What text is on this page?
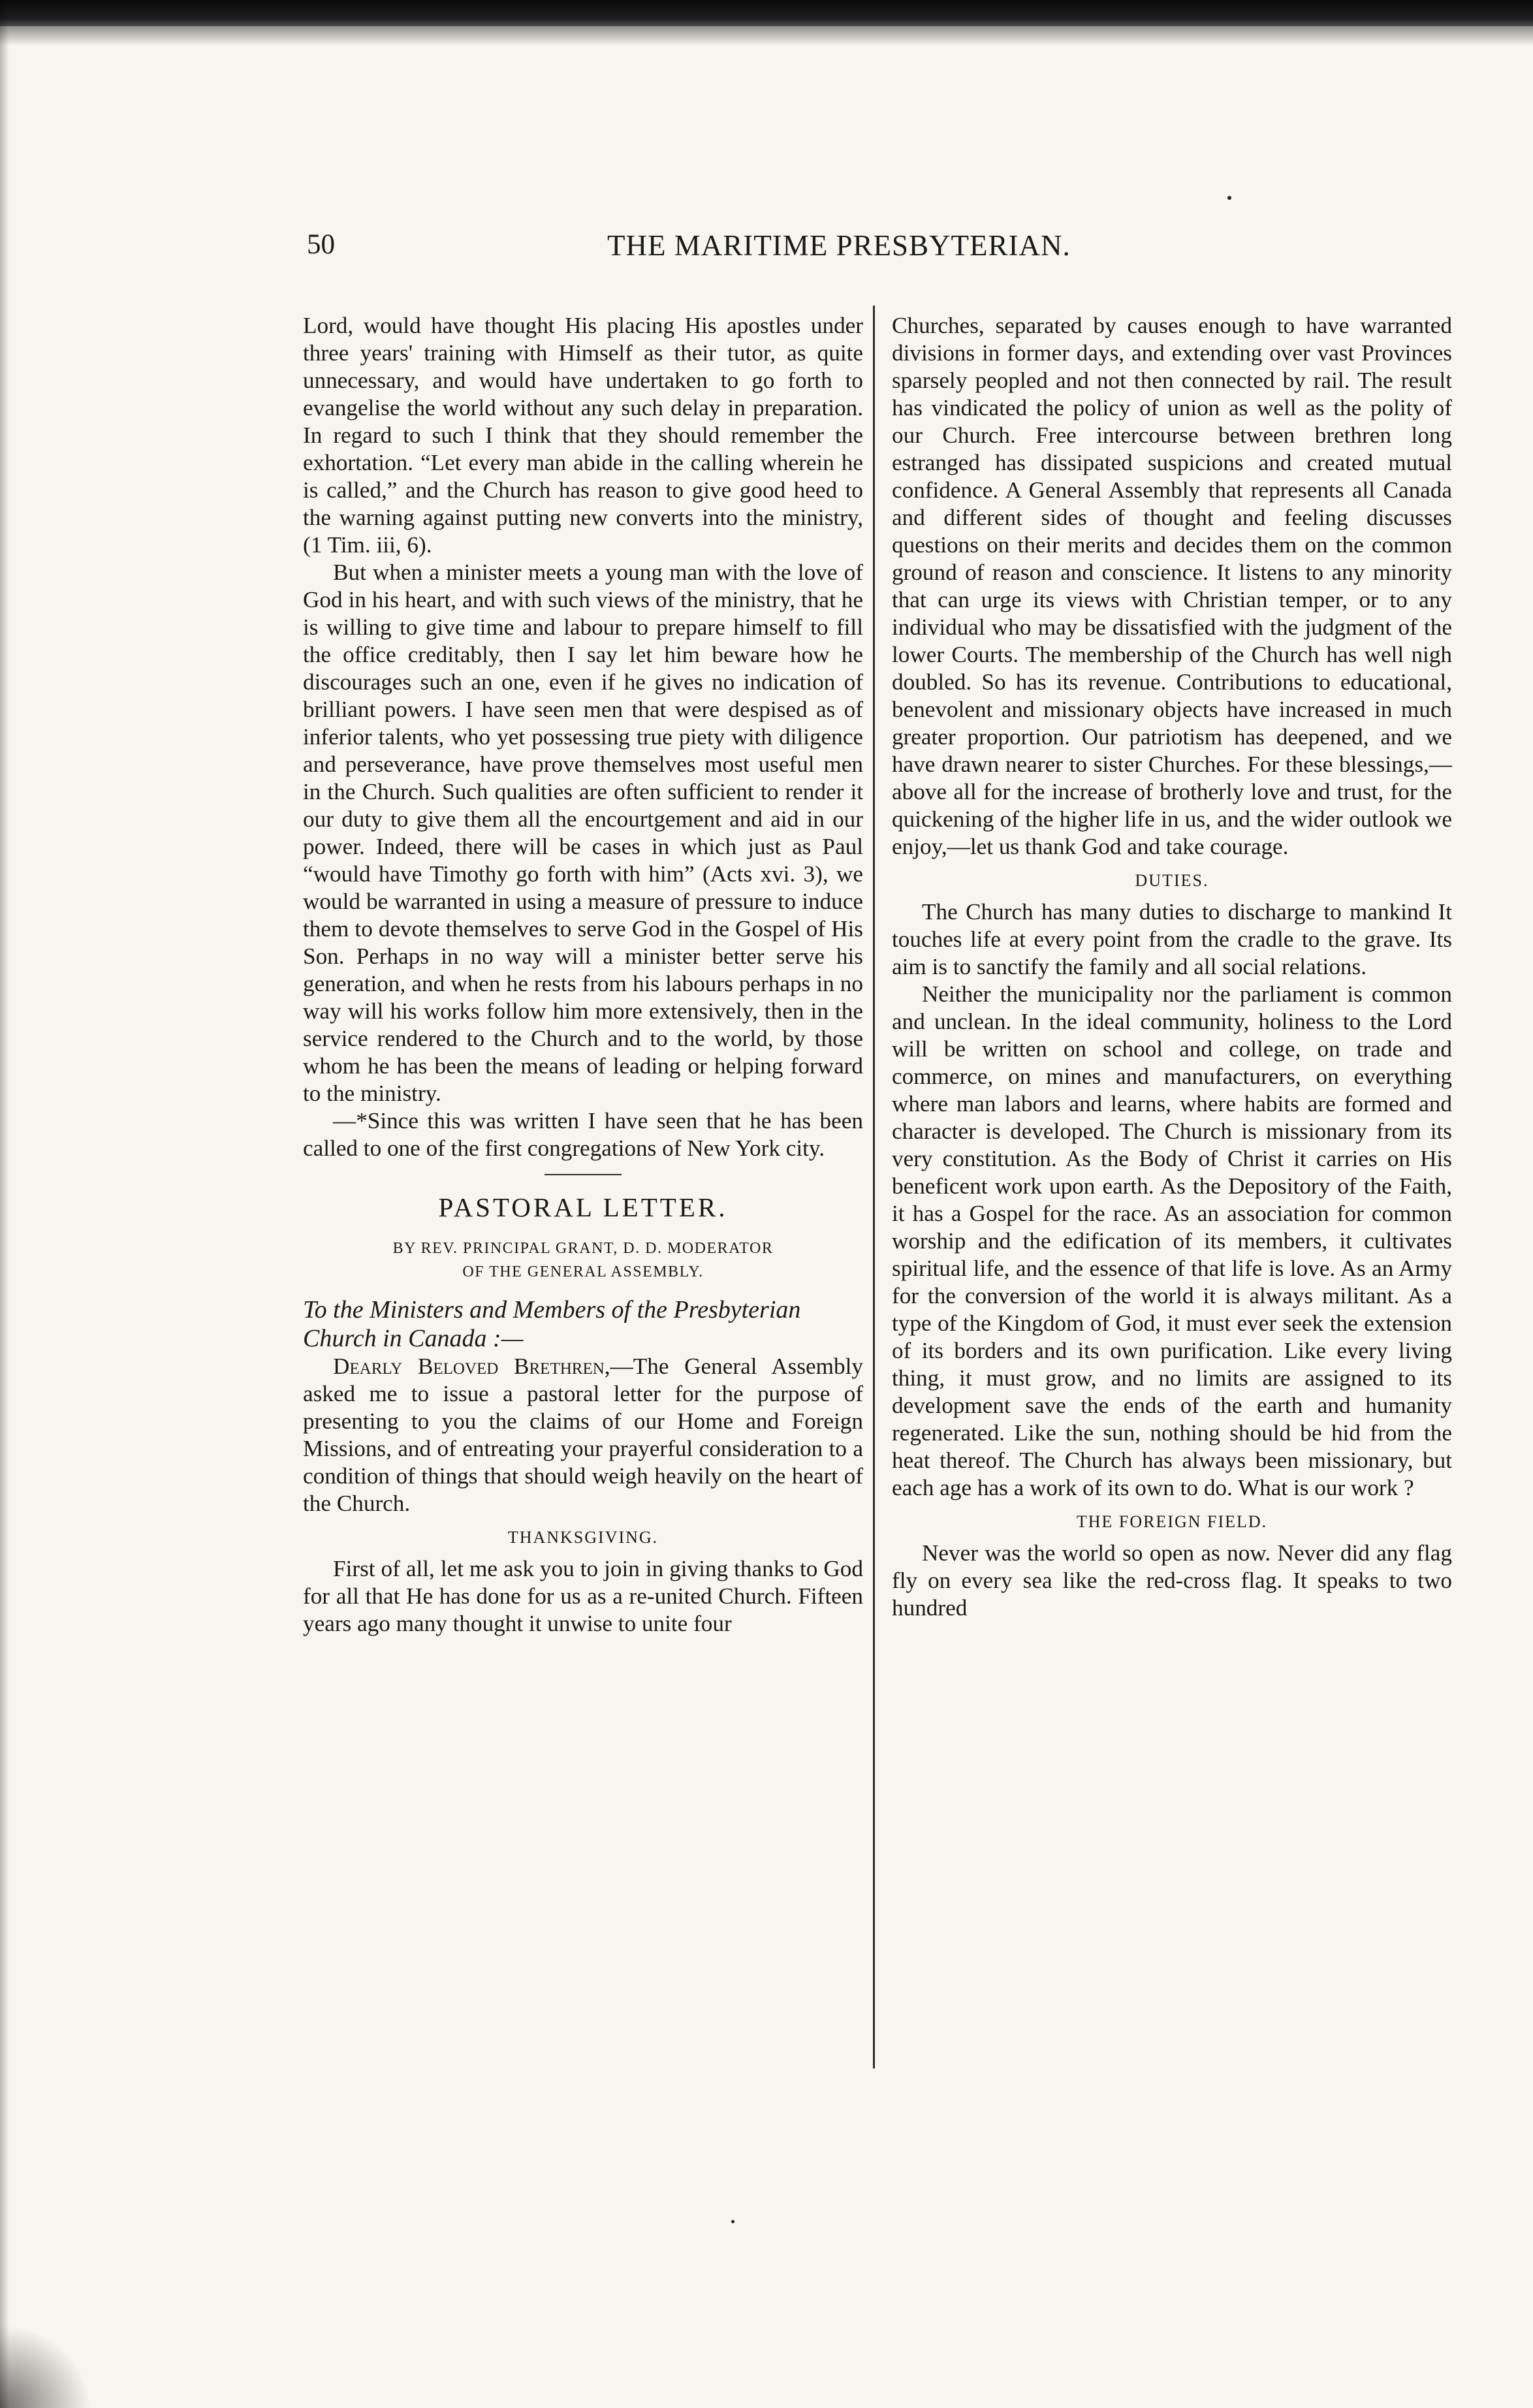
50	THE MARITIME PRESBYTERIAN.

Lord, would have thought His placing His apostles under three years' training with Himself as their tutor, as quite unnecessary, and would have undertaken to go forth to evangelise the world without any such delay in preparation. In regard to such I think that they should remember the exhortation. “Let every man abide in the calling wherein he is called,” and the Church has reason to give good heed to the warning against putting new converts into the ministry, (1 Tim. iii, 6).

But when a minister meets a young man with the love of God in his heart, and with such views of the ministry, that he is willing to give time and labour to prepare himself to fill the office creditably, then I say let him beware how he discourages such an one, even if he gives no indication of brilliant powers. I have seen men that were despised as of inferior talents, who yet possessing true piety with diligence and perseverance, have prove themselves most useful men in the Church. Such qualities are often sufficient to render it our duty to give them all the encourtgement and aid in our power. Indeed, there will be cases in which just as Paul “would have Timothy go forth with him” (Acts xvi. 3), we would be warranted in using a measure of pressure to induce them to devote themselves to serve God in the Gospel of His Son. Perhaps in no way will a minister better serve his generation, and when he rests from his labours perhaps in no way will his works follow him more extensively, then in the service rendered to the Church and to the world, by those whom he has been the means of leading or helping forward to the ministry.

—*Since this was written I have seen that he has been called to one of the first congregations of New York city.

PASTORAL LETTER.

BY REV. PRINCIPAL GRANT, D. D. MODERATOR

OF THE GENERAL ASSEMBLY.

To the Ministers and Members of the Presbyterian Church in Canada :—

Dearly Beloved Brethren,—The General Assembly asked me to issue a pastoral letter for the purpose of presenting to you the claims of our Home and Foreign Missions, and of entreating your prayerful consideration to a condition of things that should weigh heavily on the heart of the Church.

THANKSGIVING.

First of all, let me ask you to join in giving thanks to God for all that He has done for us as a re-united Church. Fifteen years ago many thought it unwise to unite four

Churches, separated by causes enough to have warranted divisions in former days, and extending over vast Provinces sparsely peopled and not then connected by rail. The result has vindicated the policy of union as well as the polity of our Church. Free intercourse between brethren long estranged has dissipated suspicions and created mutual confidence. A General Assembly that represents all Canada and different sides of thought and feeling discusses questions on their merits and decides them on the common ground of reason and conscience. It listens to any minority that can urge its views with Christian temper, or to any individual who may be dissatisfied with the judgment of the lower Courts. The membership of the Church has well nigh doubled. So has its revenue. Contributions to educational, benevolent and missionary objects have increased in much greater proportion. Our patriotism has deepened, and we have drawn nearer to sister Churches. For these blessings,—above all for the increase of brotherly love and trust, for the quickening of the higher life in us, and the wider outlook we enjoy,—let us thank God and take courage.

DUTIES.

The Church has many duties to discharge to mankind It touches life at every point from the cradle to the grave. Its aim is to sanctify the family and all social relations.

Neither the municipality nor the parliament is common and unclean. In the ideal community, holiness to the Lord will be written on school and college, on trade and commerce, on mines and manufacturers, on everything where man labors and learns, where habits are formed and character is developed. The Church is missionary from its very constitution. As the Body of Christ it carries on His beneficent work upon earth. As the Depository of the Faith, it has a Gospel for the race. As an association for common worship and the edification of its members, it cultivates spiritual life, and the essence of that life is love. As an Army for the conversion of the world it is always militant. As a type of the Kingdom of God, it must ever seek the extension of its borders and its own purification. Like every living thing, it must grow, and no limits are assigned to its development save the ends of the earth and humanity regenerated. Like the sun, nothing should be hid from the heat thereof. The Church has always been missionary, but each age has a work of its own to do. What is our work ?

THE FOREIGN FIELD.

Never was the world so open as now. Never did any flag fly on every sea like the red-cross flag. It speaks to two hundred
